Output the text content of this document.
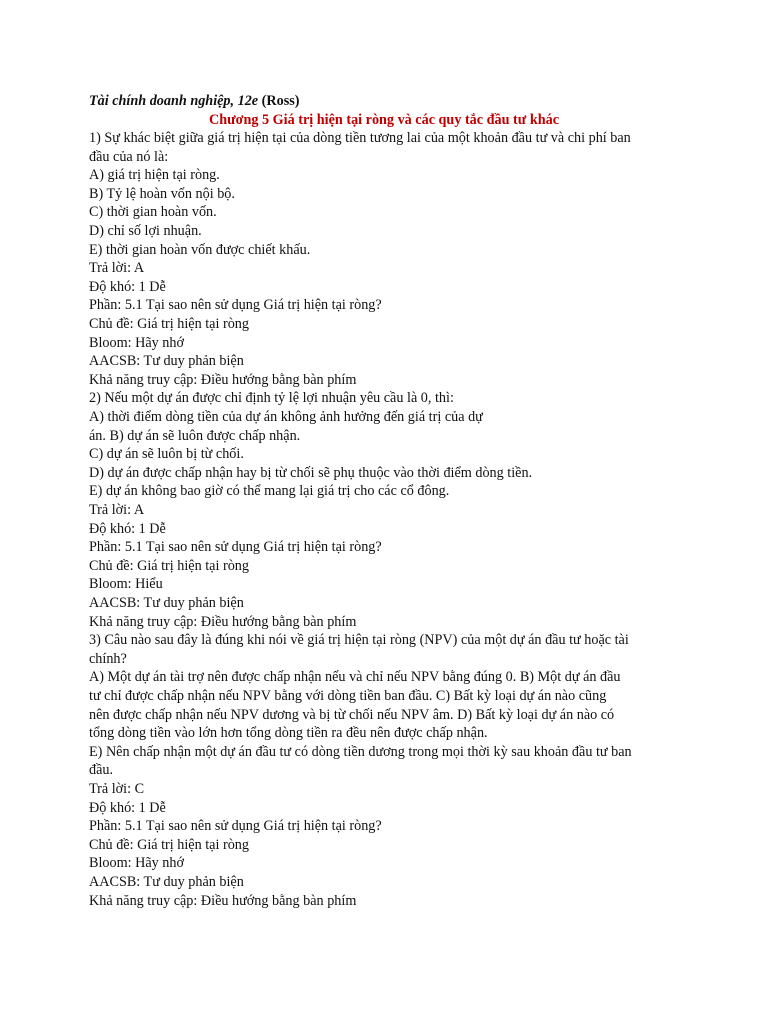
Tài chính doanh nghiệp, 12e (Ross)
Chương 5 Giá trị hiện tại ròng và các quy tắc đầu tư khác
1) Sự khác biệt giữa giá trị hiện tại của dòng tiền tương lai của một khoản đầu tư và chi phí ban
đầu của nó là:
A) giá trị hiện tại ròng.
B) Tỷ lệ hoàn vốn nội bộ.
C) thời gian hoàn vốn.
D) chỉ số lợi nhuận.
E) thời gian hoàn vốn được chiết khấu.
Trả lời: A
Độ khó: 1 Dễ
Phần: 5.1 Tại sao nên sử dụng Giá trị hiện tại ròng?
Chủ đề: Giá trị hiện tại ròng
Bloom: Hãy nhớ
AACSB: Tư duy phản biện
Khả năng truy cập: Điều hướng bằng bàn phím
2) Nếu một dự án được chỉ định tỷ lệ lợi nhuận yêu cầu là 0, thì:
A) thời điểm dòng tiền của dự án không ảnh hưởng đến giá trị của dự
án. B) dự án sẽ luôn được chấp nhận.
C) dự án sẽ luôn bị từ chối.
D) dự án được chấp nhận hay bị từ chối sẽ phụ thuộc vào thời điểm dòng tiền.
E) dự án không bao giờ có thể mang lại giá trị cho các cổ đông.
Trả lời: A
Độ khó: 1 Dễ
Phần: 5.1 Tại sao nên sử dụng Giá trị hiện tại ròng?
Chủ đề: Giá trị hiện tại ròng
Bloom: Hiểu
AACSB: Tư duy phản biện
Khả năng truy cập: Điều hướng bằng bàn phím
3) Câu nào sau đây là đúng khi nói về giá trị hiện tại ròng (NPV) của một dự án đầu tư hoặc tài
chính?
A) Một dự án tài trợ nên được chấp nhận nếu và chỉ nếu NPV bằng đúng 0. B) Một dự án đầu
tư chỉ được chấp nhận nếu NPV bằng với dòng tiền ban đầu. C) Bất kỳ loại dự án nào cũng
nên được chấp nhận nếu NPV dương và bị từ chối nếu NPV âm. D) Bất kỳ loại dự án nào có
tổng dòng tiền vào lớn hơn tổng dòng tiền ra đều nên được chấp nhận.
E) Nên chấp nhận một dự án đầu tư có dòng tiền dương trong mọi thời kỳ sau khoản đầu tư ban
đầu.
Trả lời: C
Độ khó: 1 Dễ
Phần: 5.1 Tại sao nên sử dụng Giá trị hiện tại ròng?
Chủ đề: Giá trị hiện tại ròng
Bloom: Hãy nhớ
AACSB: Tư duy phản biện
Khả năng truy cập: Điều hướng bằng bàn phím
